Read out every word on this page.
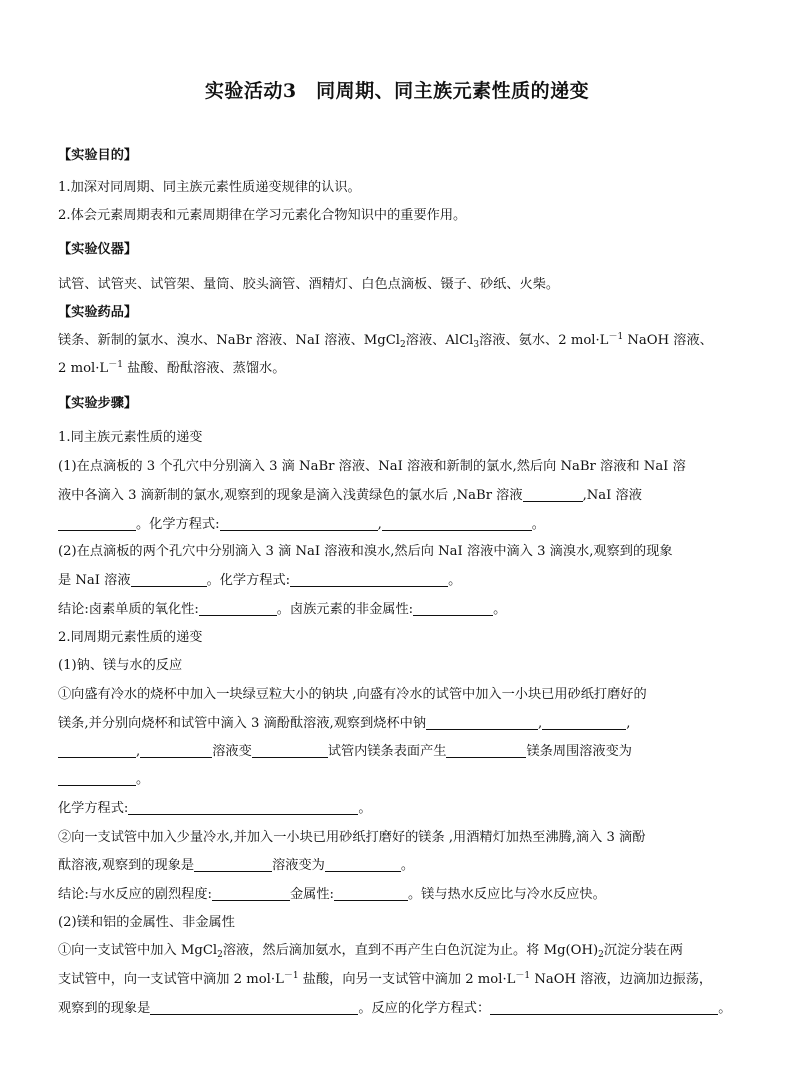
实验活动3　同周期、同主族元素性质的递变
【实验目的】
1.加深对同周期、同主族元素性质递变规律的认识。
2.体会元素周期表和元素周期律在学习元素化合物知识中的重要作用。
【实验仪器】
试管、试管夹、试管架、量筒、胶头滴管、酒精灯、白色点滴板、镊子、砂纸、火柴。
【实验药品】
镁条、新制的氯水、溴水、NaBr 溶液、NaI 溶液、MgCl$_2$溶液、AlCl$_3$溶液、氨水、2 $mol\cdot L^{-1}$ NaOH 溶液、
2 $mol\cdot L^{-1}$ 盐酸、酚酞溶液、蒸馏水。
【实验步骤】
1.同主族元素性质的递变
(1)在点滴板的 3 个孔穴中分别滴入 3 滴 NaBr 溶液、NaI 溶液和新制的氯水,然后向 NaBr 溶液和 NaI 溶
液中各滴入 3 滴新制的氯水,观察到的现象是滴入浅黄绿色的氯水后 ,NaBr 溶液	,NaI 溶液
。化学方程式:	,	。
(2)在点滴板的两个孔穴中分别滴入 3 滴 NaI 溶液和溴水,然后向 NaI 溶液中滴入 3 滴溴水,观察到的现象
是 NaI 溶液	。化学方程式:	。
结论:卤素单质的氧化性:	。卤族元素的非金属性:	。
2.同周期元素性质的递变
(1)钠、镁与水的反应
①向盛有冷水的烧杯中加入一块绿豆粒大小的钠块 ,向盛有冷水的试管中加入一小块已用砂纸打磨好的
镁条,并分别向烧杯和试管中滴入 3 滴酚酞溶液,观察到烧杯中钠	,	,
,	溶液变	试管内镁条表面产生	镁条周围溶液变为
。
化学方程式:	。
②向一支试管中加入少量冷水,并加入一小块已用砂纸打磨好的镁条 ,用酒精灯加热至沸腾,滴入 3 滴酚
酞溶液,观察到的现象是	溶液变为	。
结论:与水反应的剧烈程度:	金属性:	。镁与热水反应比与冷水反应快。
(2)镁和铝的金属性、非金属性
①向一支试管中加入 MgCl$_2$溶液，然后滴加氨水，直到不再产生白色沉淀为止。将 $Mg(OH)_2$沉淀分装在两
支试管中，向一支试管中滴加 2 $mol\cdot L^{-1}$ 盐酸，向另一支试管中滴加 2 $mol\cdot L^{-1}$ NaOH 溶液，边滴加边振荡，
观察到的现象是	。反应的化学方程式：	。
